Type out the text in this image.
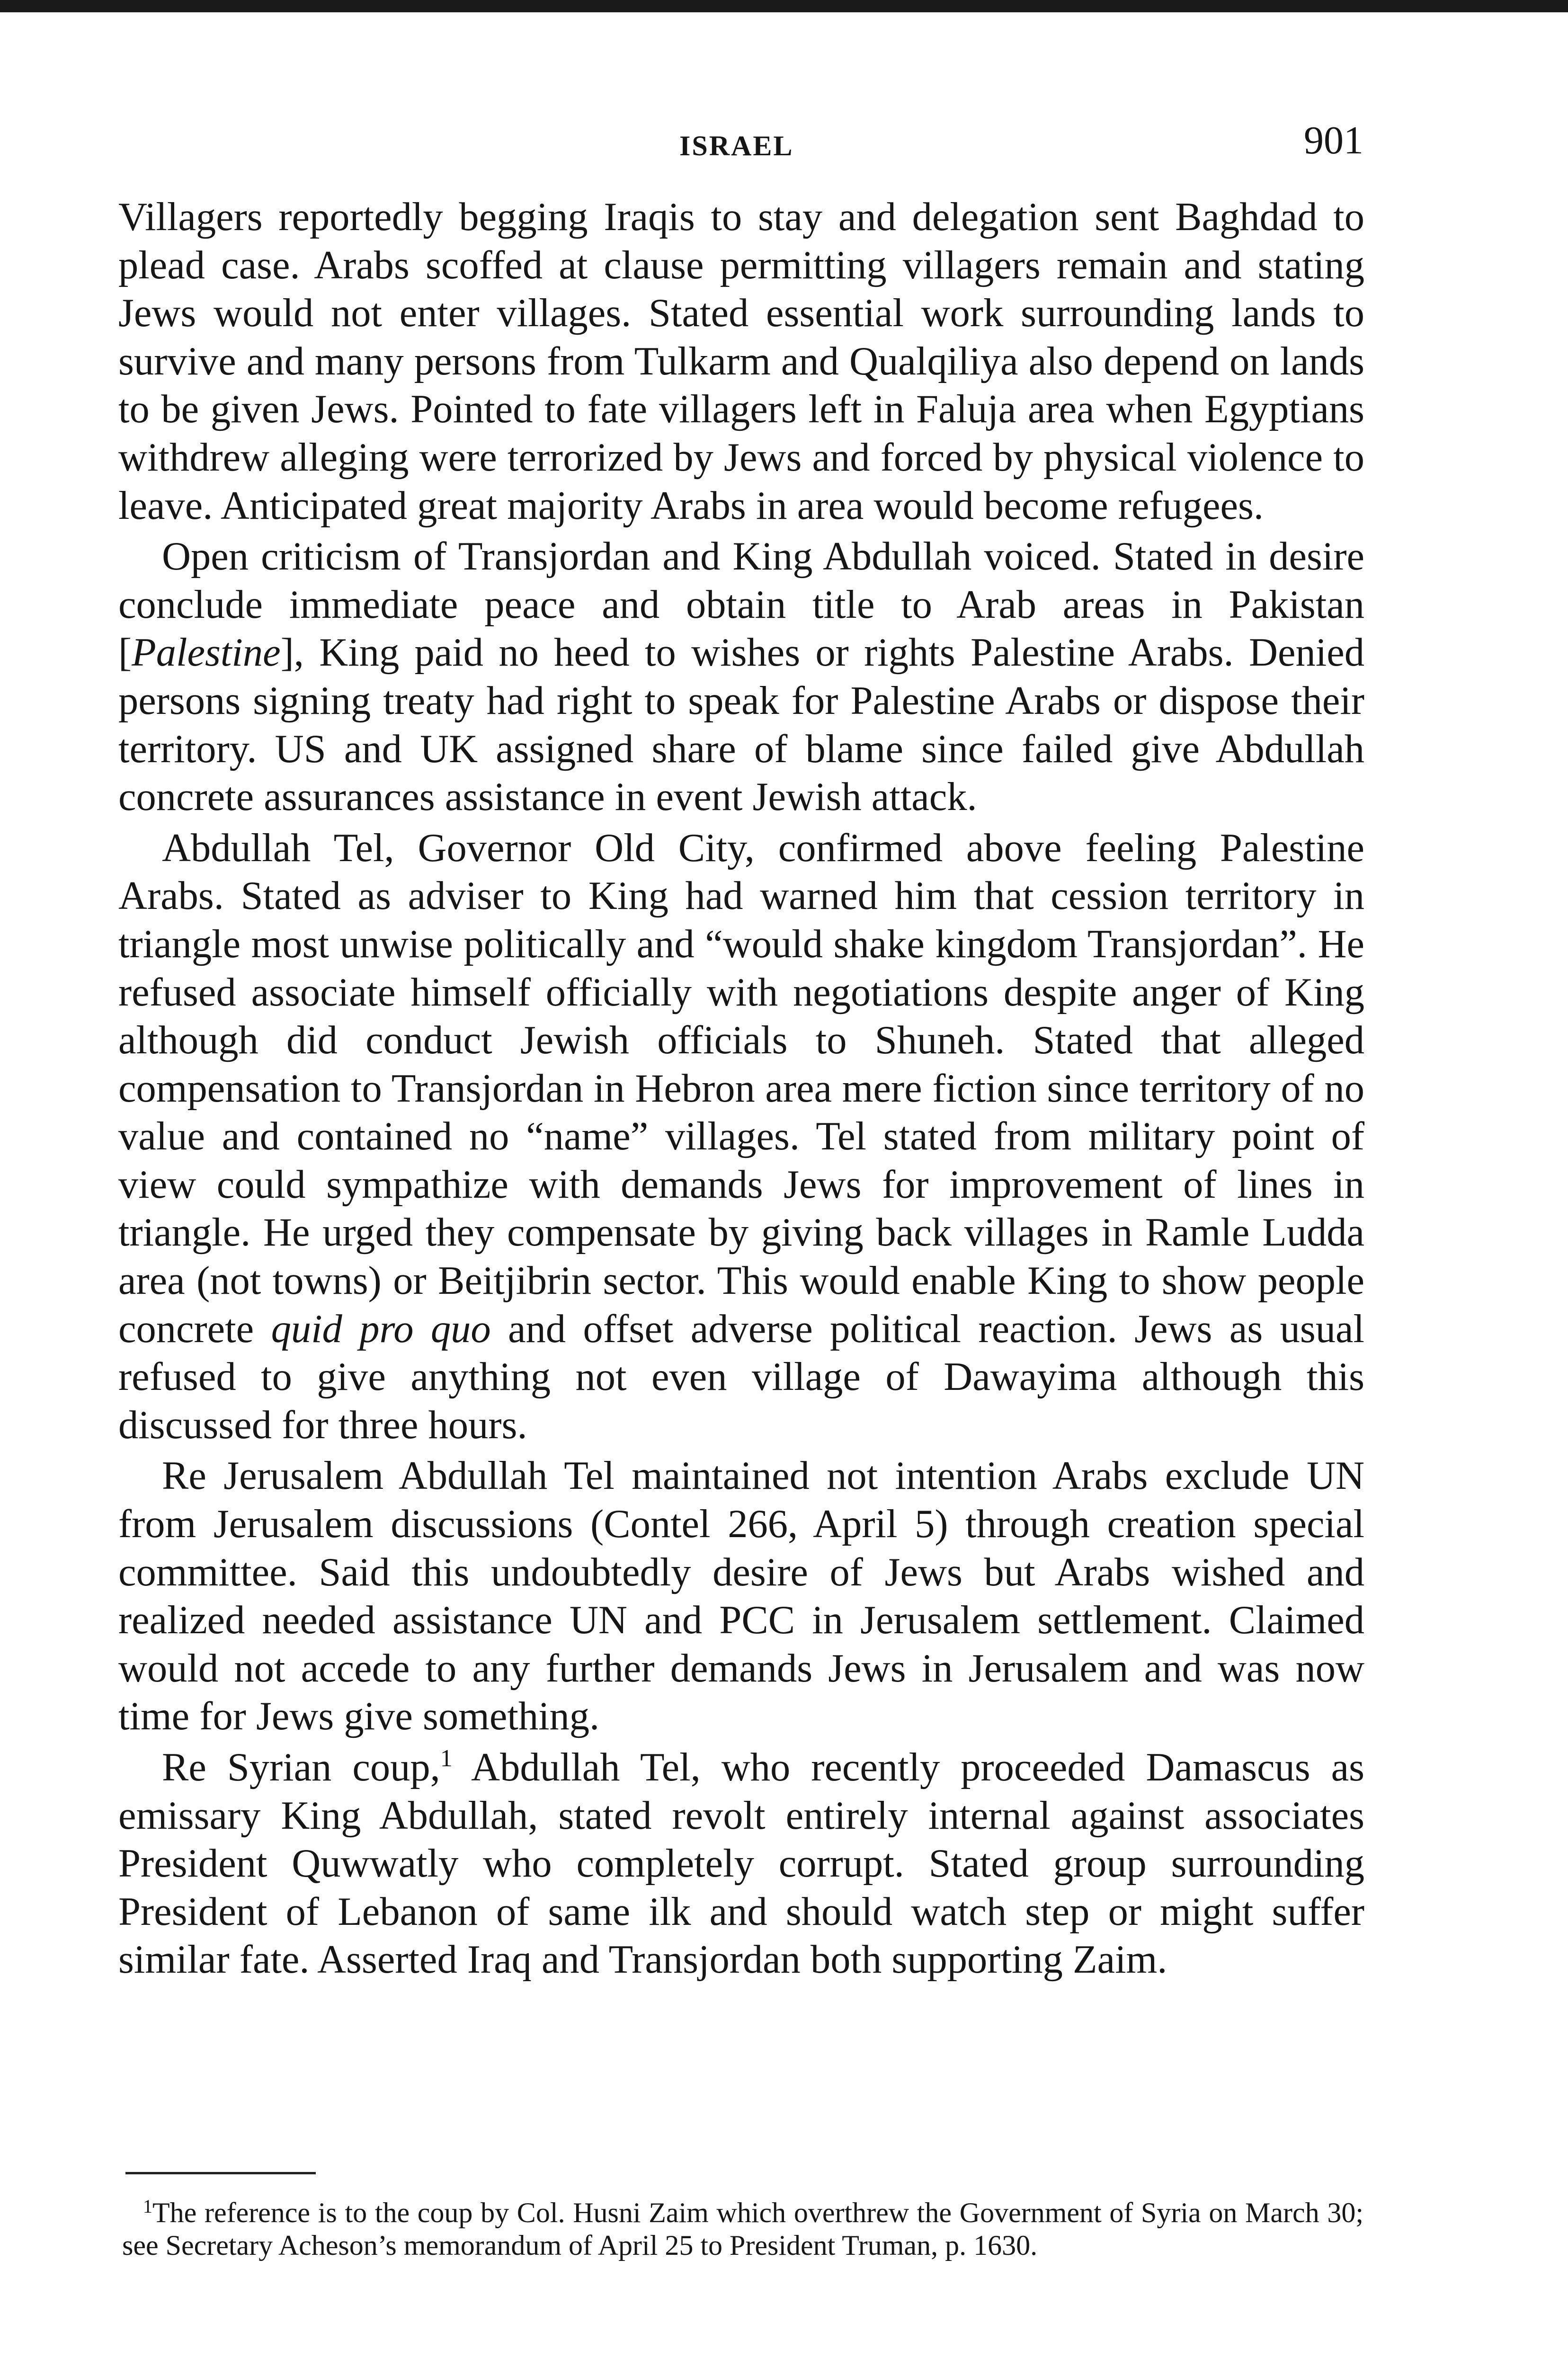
ISRAEL	901

Villagers reportedly begging Iraqis to stay and delegation sent Baghdad to plead case. Arabs scoffed at clause permitting villagers remain and stating Jews would not enter villages. Stated essential work surrounding lands to survive and many persons from Tulkarm and Qualqiliya also depend on lands to be given Jews. Pointed to fate villagers left in Faluja area when Egyptians withdrew alleging were terrorized by Jews and forced by physical violence to leave. Anticipated great majority Arabs in area would become refugees.

Open criticism of Transjordan and King Abdullah voiced. Stated in desire conclude immediate peace and obtain title to Arab areas in Pakistan [Palestine], King paid no heed to wishes or rights Palestine Arabs. Denied persons signing treaty had right to speak for Palestine Arabs or dispose their territory. US and UK assigned share of blame since failed give Abdullah concrete assurances assistance in event Jewish attack.

Abdullah Tel, Governor Old City, confirmed above feeling Palestine Arabs. Stated as adviser to King had warned him that cession territory in triangle most unwise politically and “would shake kingdom Transjordan”. He refused associate himself officially with negotiations despite anger of King although did conduct Jewish officials to Shuneh. Stated that alleged compensation to Transjordan in Hebron area mere fiction since territory of no value and contained no “name” villages. Tel stated from military point of view could sympathize with demands Jews for improvement of lines in triangle. He urged they compensate by giving back villages in Ramle Ludda area (not towns) or Beitjibrin sector. This would enable King to show people concrete quid pro quo and offset adverse political reaction. Jews as usual refused to give anything not even village of Dawayima although this discussed for three hours.

Re Jerusalem Abdullah Tel maintained not intention Arabs exclude UN from Jerusalem discussions (Contel 266, April 5) through creation special committee. Said this undoubtedly desire of Jews but Arabs wished and realized needed assistance UN and PCC in Jerusalem settlement. Claimed would not accede to any further demands Jews in Jerusalem and was now time for Jews give something.

Re Syrian coup,$^1$ Abdullah Tel, who recently proceeded Damascus as emissary King Abdullah, stated revolt entirely internal against associates President Quwwatly who completely corrupt. Stated group surrounding President of Lebanon of same ilk and should watch step or might suffer similar fate. Asserted Iraq and Transjordan both supporting Zaim.

$^1$The reference is to the coup by Col. Husni Zaim which overthrew the Government of Syria on March 30; see Secretary Acheson’s memorandum of April 25 to President Truman, p. 1630.
